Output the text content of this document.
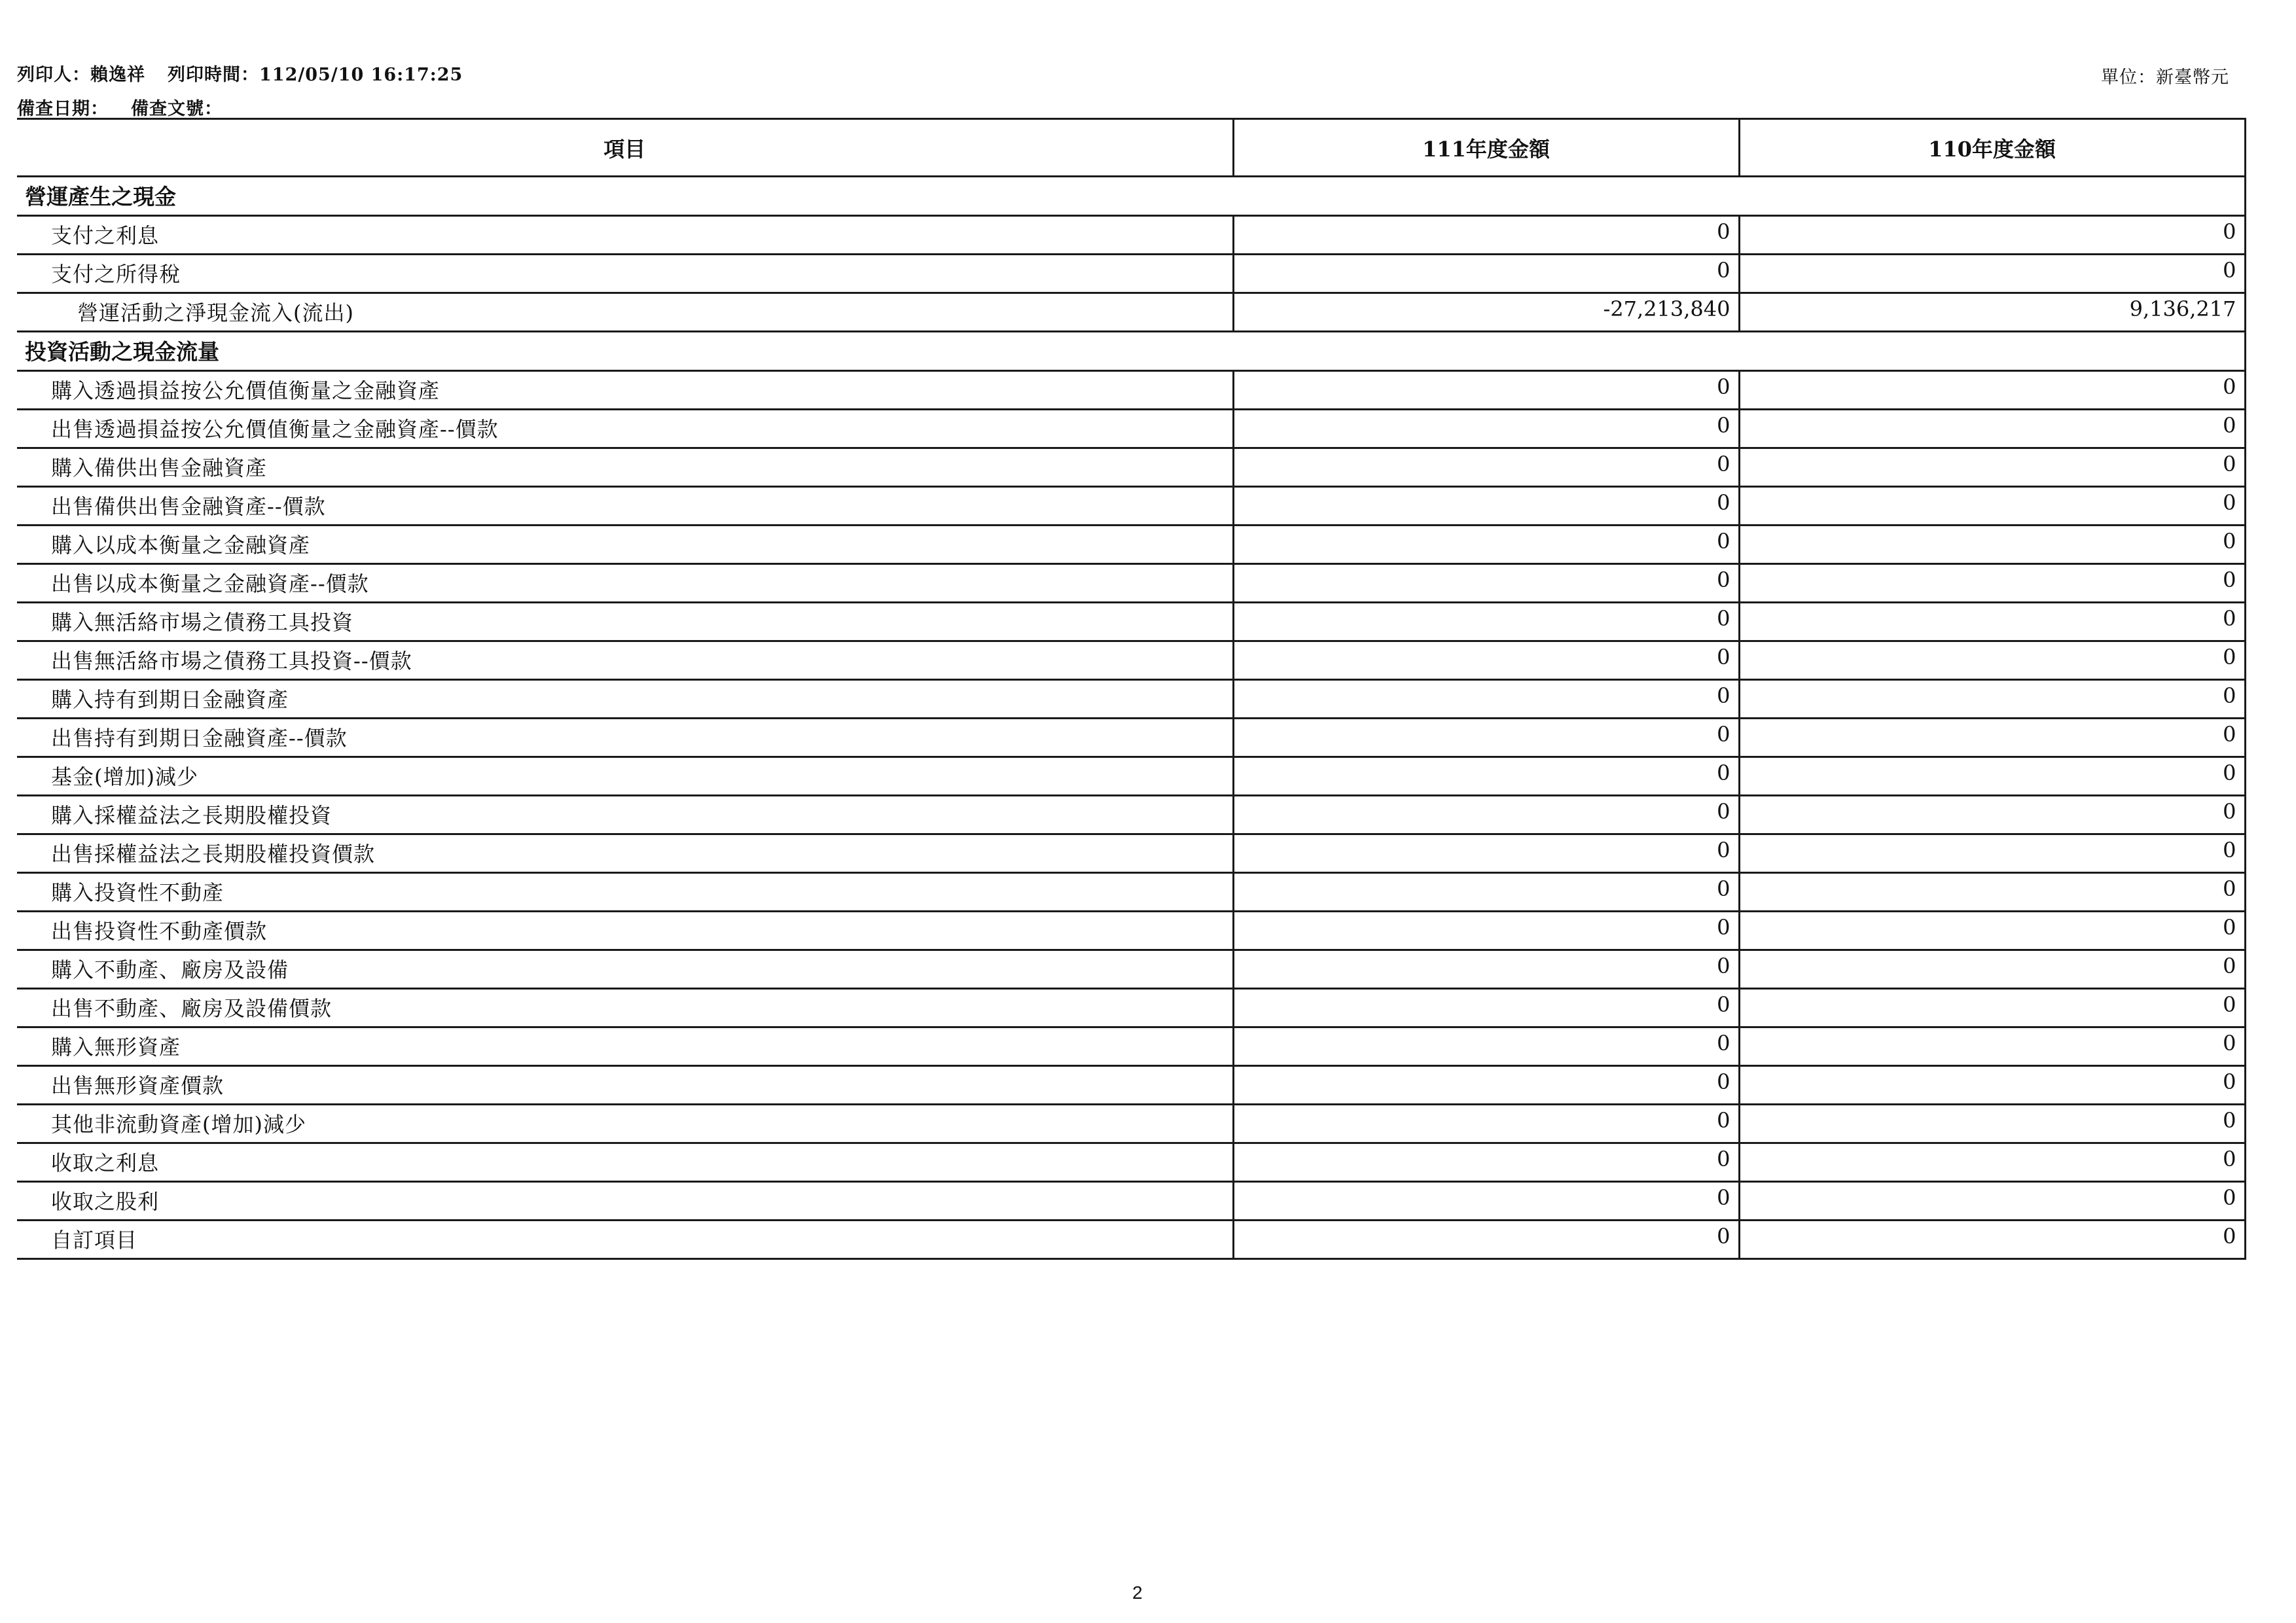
列印人：賴逸祥 列印時間：112/05/10 16:17:25
備查日期： 備查文號：
單位：新臺幣元
項目	111年度金額	110年度金額
營運產生之現金		
支付之利息	0	0
支付之所得稅	0	0
營運活動之淨現金流入(流出)	-27,213,840	9,136,217
投資活動之現金流量		
購入透過損益按公允價值衡量之金融資產	0	0
出售透過損益按公允價值衡量之金融資產--價款	0	0
購入備供出售金融資產	0	0
出售備供出售金融資產--價款	0	0
購入以成本衡量之金融資產	0	0
出售以成本衡量之金融資產--價款	0	0
購入無活絡市場之債務工具投資	0	0
出售無活絡市場之債務工具投資--價款	0	0
購入持有到期日金融資產	0	0
出售持有到期日金融資產--價款	0	0
基金(增加)減少	0	0
購入採權益法之長期股權投資	0	0
出售採權益法之長期股權投資價款	0	0
購入投資性不動產	0	0
出售投資性不動產價款	0	0
購入不動產、廠房及設備	0	0
出售不動產、廠房及設備價款	0	0
購入無形資產	0	0
出售無形資產價款	0	0
其他非流動資產(增加)減少	0	0
收取之利息	0	0
收取之股利	0	0
自訂項目	0	0
2
